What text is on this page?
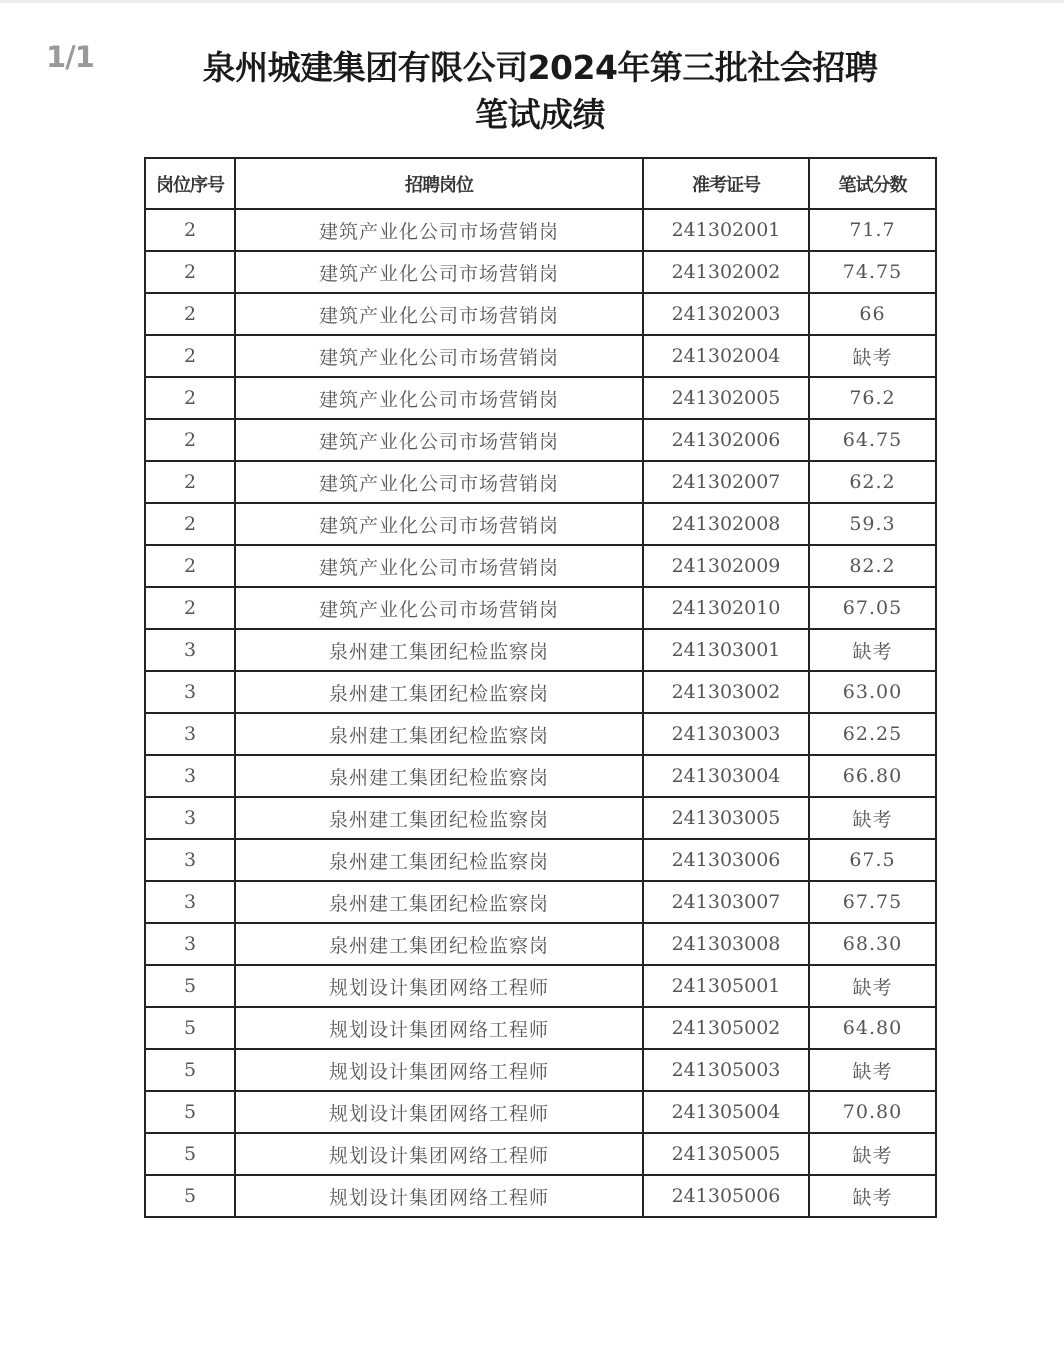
1/1	泉州城建集团有限公司2024年第三批社会招聘
笔试成绩
岗位序号	招聘岗位	准考证号	笔试分数
2	建筑产业化公司市场营销岗	241302001	71.7
2	建筑产业化公司市场营销岗	241302002	74.75
2	建筑产业化公司市场营销岗	241302003	66
2	建筑产业化公司市场营销岗	241302004	缺考
2	建筑产业化公司市场营销岗	241302005	76.2
2	建筑产业化公司市场营销岗	241302006	64.75
2	建筑产业化公司市场营销岗	241302007	62.2
2	建筑产业化公司市场营销岗	241302008	59.3
2	建筑产业化公司市场营销岗	241302009	82.2
2	建筑产业化公司市场营销岗	241302010	67.05
3	泉州建工集团纪检监察岗	241303001	缺考
3	泉州建工集团纪检监察岗	241303002	63.00
3	泉州建工集团纪检监察岗	241303003	62.25
3	泉州建工集团纪检监察岗	241303004	66.80
3	泉州建工集团纪检监察岗	241303005	缺考
3	泉州建工集团纪检监察岗	241303006	67.5
3	泉州建工集团纪检监察岗	241303007	67.75
3	泉州建工集团纪检监察岗	241303008	68.30
5	规划设计集团网络工程师	241305001	缺考
5	规划设计集团网络工程师	241305002	64.80
5	规划设计集团网络工程师	241305003	缺考
5	规划设计集团网络工程师	241305004	70.80
5	规划设计集团网络工程师	241305005	缺考
5	规划设计集团网络工程师	241305006	缺考
